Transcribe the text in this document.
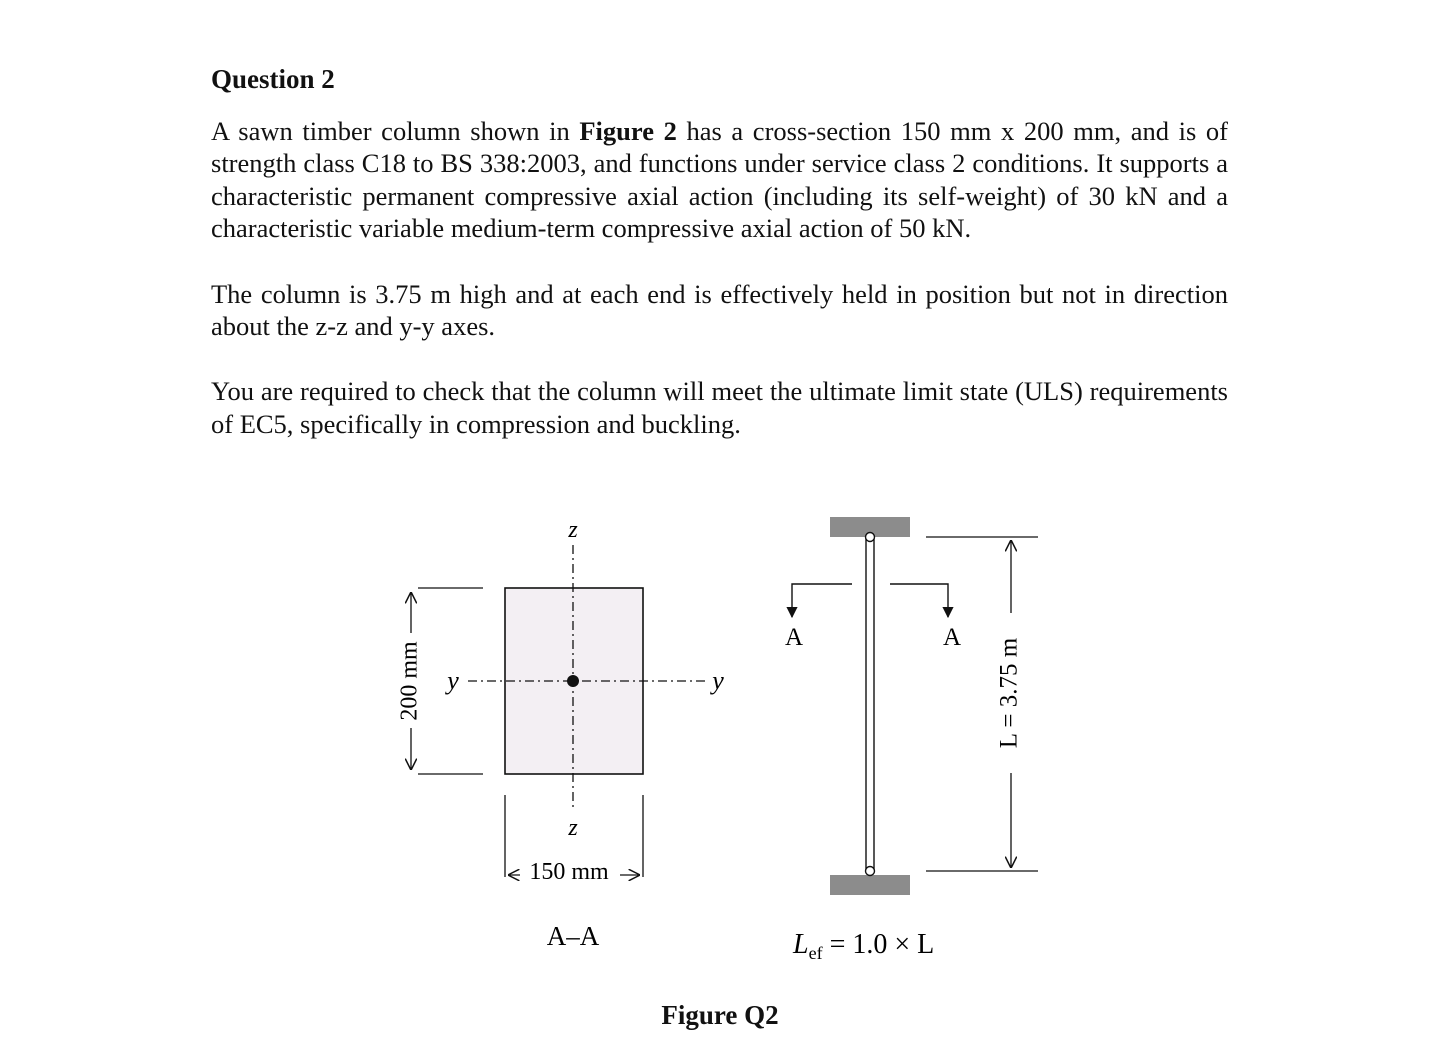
Question 2

A sawn timber column shown in Figure 2 has a cross-section 150 mm x 200 mm, and is of strength class C18 to BS 338:2003, and functions under service class 2 conditions. It supports a characteristic permanent compressive axial action (including its self-weight) of 30 kN and a characteristic variable medium-term compressive axial action of 50 kN.

The column is 3.75 m high and at each end is effectively held in position but not in direction about the z-z and y-y axes.

You are required to check that the column will meet the ultimate limit state (ULS) requirements of EC5, specifically in compression and buckling.

200 mm
z
z
y	y
150 mm
A–A
A	A
L = 3.75 m
$L_{ef} = 1.0 \times L$
Figure Q2
